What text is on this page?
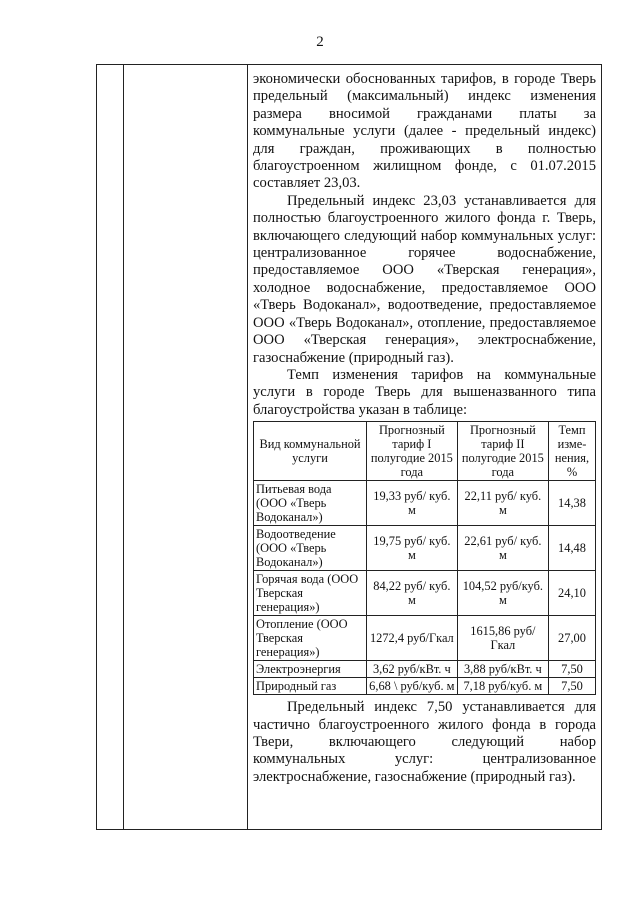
2

экономически обоснованных тарифов, в городе Тверь предельный (максимальный) индекс изменения размера вносимой гражданами платы за коммунальные услуги (далее - предельный индекс) для граждан, проживающих в полностью благоустроенном жилищном фонде, с 01.07.2015 составляет 23,03.

Предельный индекс 23,03 устанавливается для полностью благоустроенного жилого фонда г. Тверь, включающего следующий набор коммунальных услуг: централизованное горячее водоснабжение, предоставляемое ООО «Тверская генерация», холодное водоснабжение, предоставляемое ООО «Тверь Водоканал», водоотведение, предоставляемое ООО «Тверь Водоканал», отопление, предоставляемое ООО «Тверская генерация», электроснабжение, газоснабжение (природный газ).

Темп изменения тарифов на коммунальные услуги в городе Тверь для вышеназванного типа благоустройства указан в таблице:

Вид коммунальной услуги	Прогнозный тариф I полугодие 2015 года	Прогнозный тариф II полугодие 2015 года	Темп изме-нения, %
Питьевая вода (ООО «Тверь Водоканал»)	19,33 руб/ куб. м	22,11 руб/ куб. м	14,38
Водоотведение (ООО «Тверь Водоканал»)	19,75 руб/ куб. м	22,61 руб/ куб. м	14,48
Горячая вода (ООО Тверская генерация»)	84,22 руб/ куб. м	104,52 руб/куб. м	24,10
Отопление (ООО Тверская генерация»)	1272,4 руб/Гкал	1615,86 руб/Гкал	27,00
Электроэнергия	3,62 руб/кВт. ч	3,88 руб/кВт. ч	7,50
Природный газ	6,68 \ руб/куб. м	7,18 руб/куб. м	7,50

Предельный индекс 7,50 устанавливается для частично благоустроенного жилого фонда в города Твери, включающего следующий набор коммунальных услуг: централизованное электроснабжение, газоснабжение (природный газ).
